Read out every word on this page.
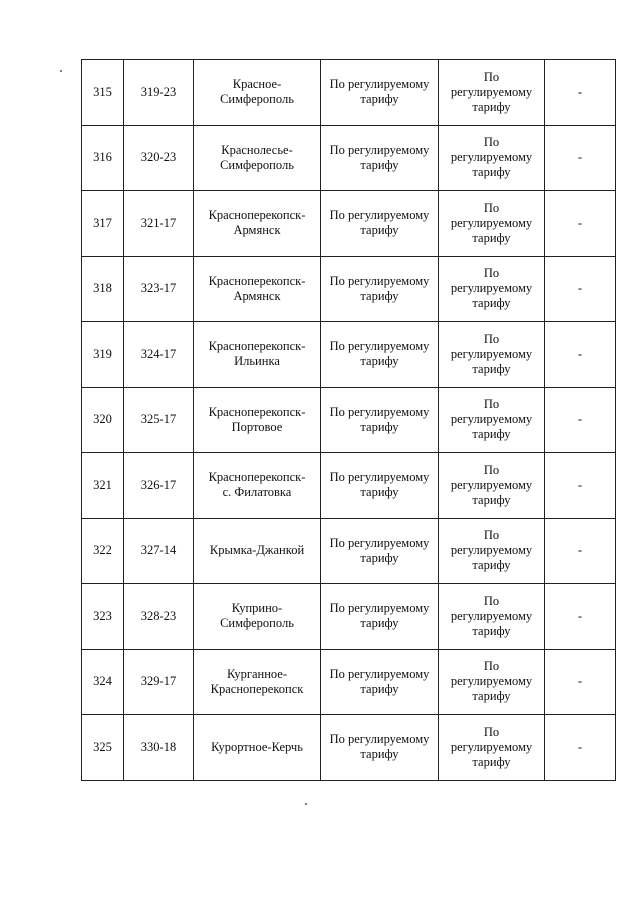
315	319-23	Красное-
Симферополь	По регулируемому
тарифу	По
регулируемому
тарифу	-
316	320-23	Краснолесье-
Симферополь	По регулируемому
тарифу	По
регулируемому
тарифу	-
317	321-17	Красноперекопск-
Армянск	По регулируемому
тарифу	По
регулируемому
тарифу	-
318	323-17	Красноперекопск-
Армянск	По регулируемому
тарифу	По
регулируемому
тарифу	-
319	324-17	Красноперекопск-
Ильинка	По регулируемому
тарифу	По
регулируемому
тарифу	-
320	325-17	Красноперекопск-
Портовое	По регулируемому
тарифу	По
регулируемому
тарифу	-
321	326-17	Красноперекопск-
с. Филатовка	По регулируемому
тарифу	По
регулируемому
тарифу	-
322	327-14	Крымка-Джанкой	По регулируемому
тарифу	По
регулируемому
тарифу	-
323	328-23	Куприно-
Симферополь	По регулируемому
тарифу	По
регулируемому
тарифу	-
324	329-17	Курганное-
Красноперекопск	По регулируемому
тарифу	По
регулируемому
тарифу	-
325	330-18	Курортное-Керчь	По регулируемому
тарифу	По
регулируемому
тарифу	-
